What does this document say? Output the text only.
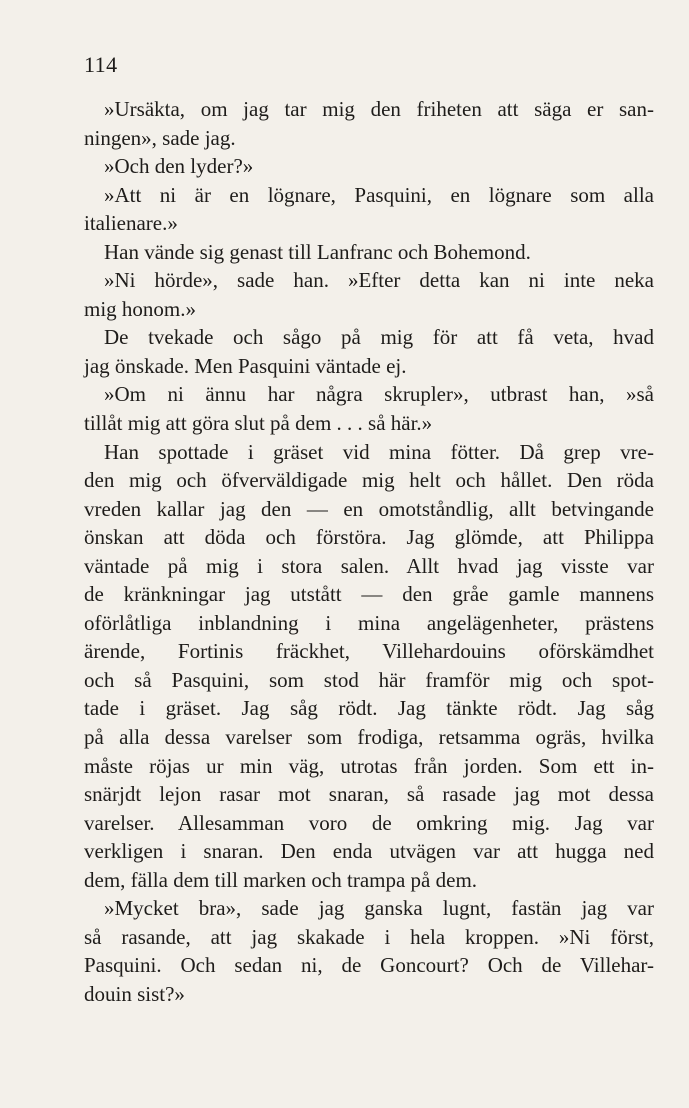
114
»Ursäkta, om jag tar mig den friheten att säga er san-
ningen», sade jag.
»Och den lyder?»
»Att ni är en lögnare, Pasquini, en lögnare som alla
italienare.»
Han vände sig genast till Lanfranc och Bohemond.
»Ni hörde», sade han. »Efter detta kan ni inte neka
mig honom.»
De tvekade och sågo på mig för att få veta, hvad
jag önskade. Men Pasquini väntade ej.
»Om ni ännu har några skrupler», utbrast han, »så
tillåt mig att göra slut på dem . . . så här.»
Han spottade i gräset vid mina fötter. Då grep vre-
den mig och öfverväldigade mig helt och hållet. Den röda
vreden kallar jag den — en omotståndlig, allt betvingande
önskan att döda och förstöra. Jag glömde, att Philippa
väntade på mig i stora salen. Allt hvad jag visste var
de kränkningar jag utstått — den gråe gamle mannens
oförlåtliga inblandning i mina angelägenheter, prästens
ärende, Fortinis fräckhet, Villehardouins oförskämdhet
och så Pasquini, som stod här framför mig och spot-
tade i gräset. Jag såg rödt. Jag tänkte rödt. Jag såg
på alla dessa varelser som frodiga, retsamma ogräs, hvilka
måste röjas ur min väg, utrotas från jorden. Som ett in-
snärjdt lejon rasar mot snaran, så rasade jag mot dessa
varelser. Allesamman voro de omkring mig. Jag var
verkligen i snaran. Den enda utvägen var att hugga ned
dem, fälla dem till marken och trampa på dem.
»Mycket bra», sade jag ganska lugnt, fastän jag var
så rasande, att jag skakade i hela kroppen. »Ni först,
Pasquini. Och sedan ni, de Goncourt? Och de Villehar-
douin sist?»
